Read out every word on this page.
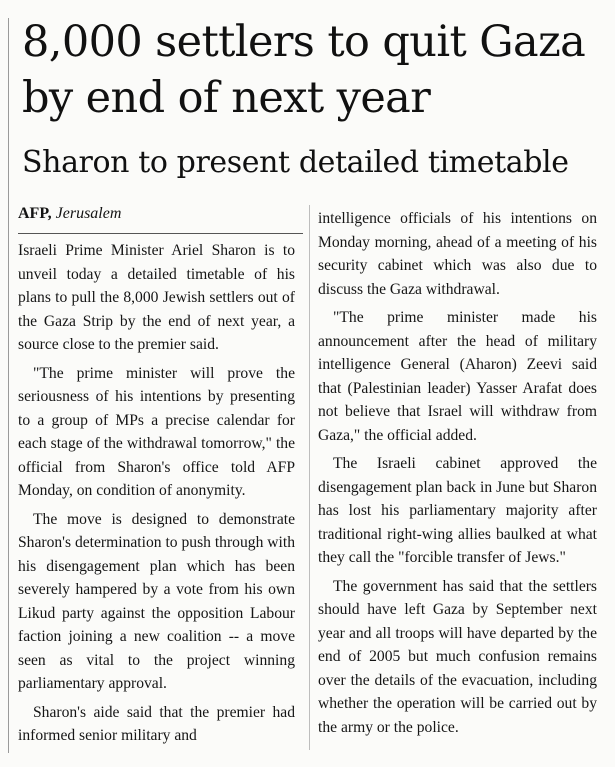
8,000 settlers to quit Gaza
by end of next year
Sharon to present detailed timetable
AFP, Jerusalem

Israeli Prime Minister Ariel Sharon is to unveil today a detailed timetable of his plans to pull the 8,000 Jewish settlers out of the Gaza Strip by the end of next year, a source close to the premier said.

"The prime minister will prove the seriousness of his intentions by presenting to a group of MPs a precise calendar for each stage of the withdrawal tomorrow," the official from Sharon's office told AFP Monday, on condition of anonymity.

The move is designed to demonstrate Sharon's determination to push through with his disengagement plan which has been severely hampered by a vote from his own Likud party against the opposition Labour faction joining a new coalition -- a move seen as vital to the project winning parliamentary approval.

Sharon's aide said that the premier had informed senior military and

intelligence officials of his intentions on Monday morning, ahead of a meeting of his security cabinet which was also due to discuss the Gaza withdrawal.

"The prime minister made his announcement after the head of military intelligence General (Aharon) Zeevi said that (Palestinian leader) Yasser Arafat does not believe that Israel will withdraw from Gaza," the official added.

The Israeli cabinet approved the disengagement plan back in June but Sharon has lost his parliamentary majority after traditional right-wing allies baulked at what they call the "forcible transfer of Jews."

The government has said that the settlers should have left Gaza by September next year and all troops will have departed by the end of 2005 but much confusion remains over the details of the evacuation, including whether the operation will be carried out by the army or the police.
